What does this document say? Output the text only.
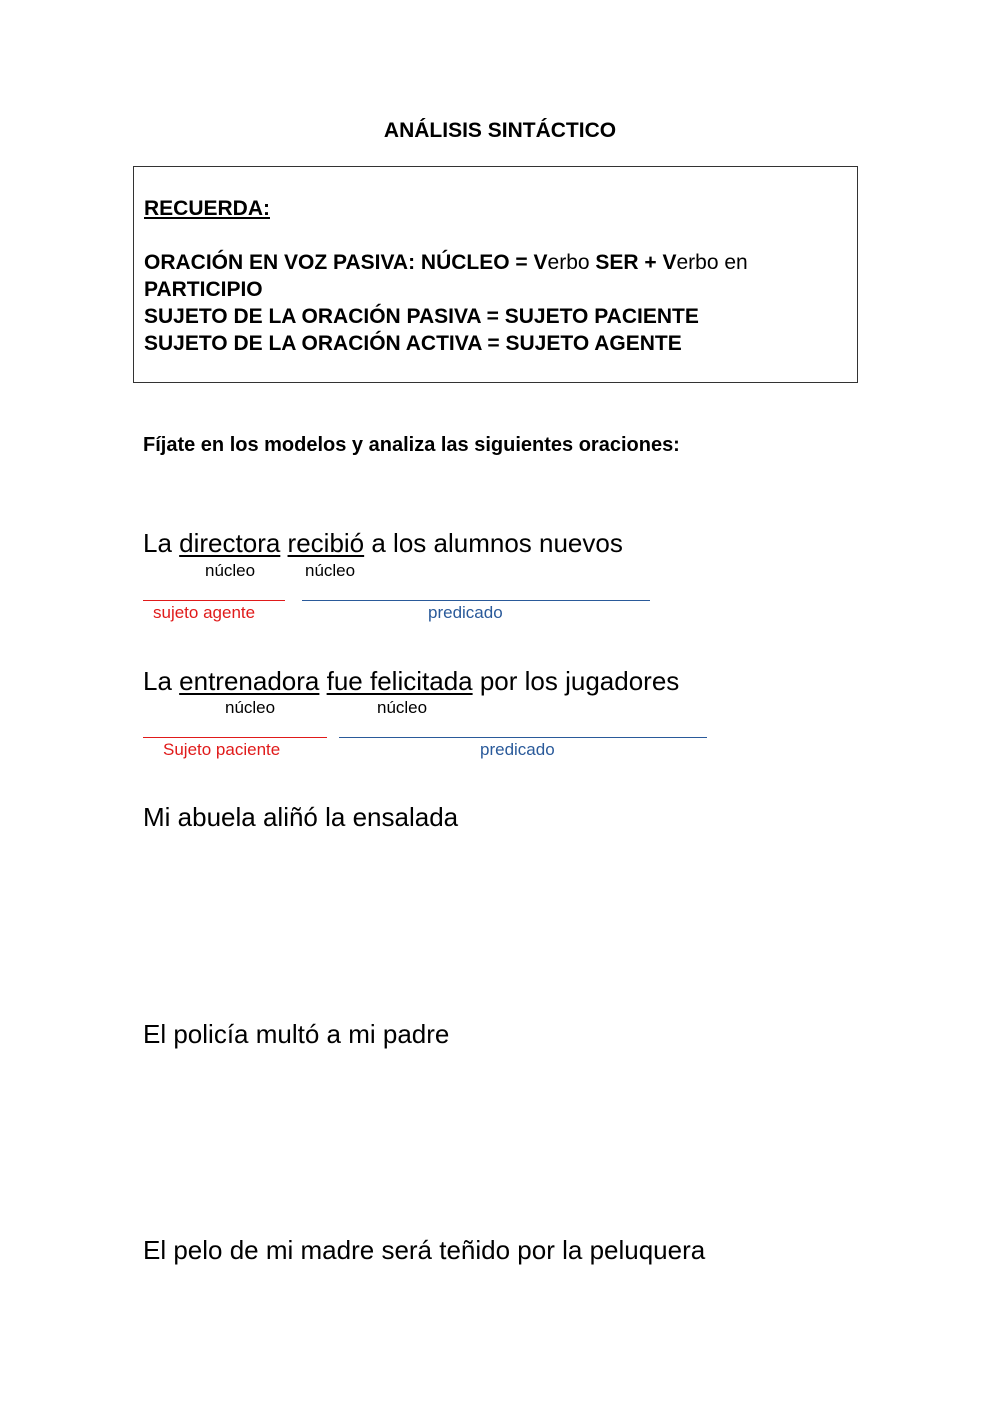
ANÁLISIS SINTÁCTICO
RECUERDA:
ORACIÓN EN VOZ PASIVA: NÚCLEO = Verbo SER + Verbo en
PARTICIPIO
SUJETO DE LA ORACIÓN PASIVA = SUJETO PACIENTE
SUJETO DE LA ORACIÓN ACTIVA = SUJETO AGENTE
Fíjate en los modelos y analiza las siguientes oraciones:
La directora recibió a los alumnos nuevos
núcleo	núcleo
sujeto agente	predicado
La entrenadora fue felicitada por los jugadores
núcleo	núcleo
Sujeto paciente	predicado
Mi abuela aliñó la ensalada
El policía multó a mi padre
El pelo de mi madre será teñido por la peluquera
